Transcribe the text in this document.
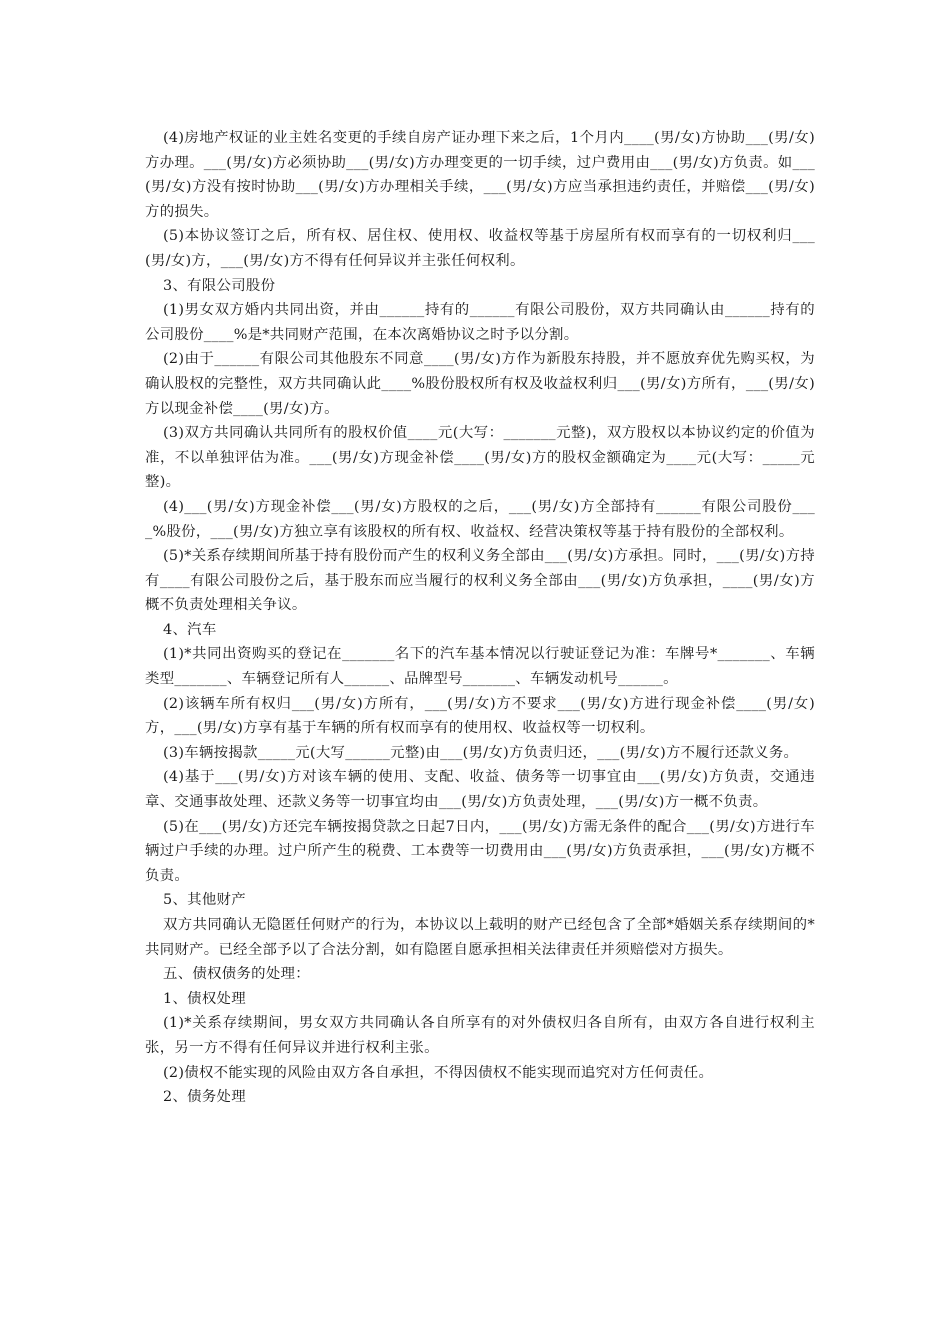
(4)房地产权证的业主姓名变更的手续自房产证办理下来之后，1个月内____(男/女)方协助___(男/女)方办理。___(男/女)方必须协助___(男/女)方办理变更的一切手续，过户费用由___(男/女)方负责。如___(男/女)方没有按时协助___(男/女)方办理相关手续，___(男/女)方应当承担违约责任，并赔偿___(男/女)方的损失。

(5)本协议签订之后，所有权、居住权、使用权、收益权等基于房屋所有权而享有的一切权利归___(男/女)方，___(男/女)方不得有任何异议并主张任何权利。

3、有限公司股份

(1)男女双方婚内共同出资，并由______持有的______有限公司股份，双方共同确认由______持有的公司股份____%是*共同财产范围，在本次离婚协议之时予以分割。

(2)由于______有限公司其他股东不同意____(男/女)方作为新股东持股，并不愿放弃优先购买权，为确认股权的完整性，双方共同确认此____%股份股权所有权及收益权利归___(男/女)方所有，___(男/女)方以现金补偿____(男/女)方。

(3)双方共同确认共同所有的股权价值____元(大写：_______元整)，双方股权以本协议约定的价值为准，不以单独评估为准。___(男/女)方现金补偿____(男/女)方的股权金额确定为____元(大写：_____元整)。

(4)___(男/女)方现金补偿___(男/女)方股权的之后，___(男/女)方全部持有______有限公司股份____%股份，___(男/女)方独立享有该股权的所有权、收益权、经营决策权等基于持有股份的全部权利。

(5)*关系存续期间所基于持有股份而产生的权利义务全部由___(男/女)方承担。同时，___(男/女)方持有____有限公司股份之后，基于股东而应当履行的权利义务全部由___(男/女)方负承担，____(男/女)方概不负责处理相关争议。

4、汽车

(1)*共同出资购买的登记在_______名下的汽车基本情况以行驶证登记为准：车牌号*_______、车辆类型_______、车辆登记所有人______、品牌型号_______、车辆发动机号______。

(2)该辆车所有权归___(男/女)方所有，___(男/女)方不要求___(男/女)方进行现金补偿____(男/女)方，___(男/女)方享有基于车辆的所有权而享有的使用权、收益权等一切权利。

(3)车辆按揭款_____元(大写______元整)由___(男/女)方负责归还，___(男/女)方不履行还款义务。

(4)基于___(男/女)方对该车辆的使用、支配、收益、债务等一切事宜由___(男/女)方负责，交通违章、交通事故处理、还款义务等一切事宜均由___(男/女)方负责处理，___(男/女)方一概不负责。

(5)在___(男/女)方还完车辆按揭贷款之日起7日内，___(男/女)方需无条件的配合___(男/女)方进行车辆过户手续的办理。过户所产生的税费、工本费等一切费用由___(男/女)方负责承担，___(男/女)方概不负责。

5、其他财产

双方共同确认无隐匿任何财产的行为，本协议以上载明的财产已经包含了全部*婚姻关系存续期间的*共同财产。已经全部予以了合法分割，如有隐匿自愿承担相关法律责任并须赔偿对方损失。

五、债权债务的处理：

1、债权处理

(1)*关系存续期间，男女双方共同确认各自所享有的对外债权归各自所有，由双方各自进行权利主张，另一方不得有任何异议并进行权利主张。

(2)债权不能实现的风险由双方各自承担，不得因债权不能实现而追究对方任何责任。

2、债务处理
